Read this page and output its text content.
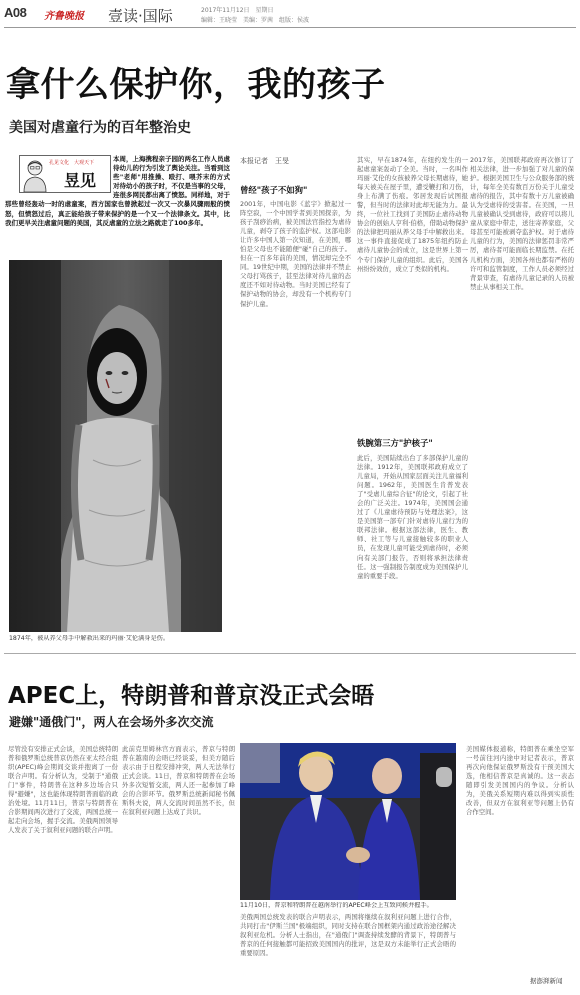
A08 齐鲁晚报 壹读·国际	2017年11月12日　星期日
编辑：王晓莹　美编：罗茜　组版：侯波
拿什么保护你，我的孩子
美国对虐童行为的百年整治史
孔见文化　大观天下
昱见
本周，上海携程亲子园的两名工作人员虐待幼儿的行为引发了舆论关注。当看到这些"老师"用推操、殴打、喂芥末的方式对待幼小的孩子时，不仅是当事的父母，连很多网民都出离了愤怒。同样地，对于那些曾经轰动一时的虐童案，西方国家也曾掀起过一次又一次暴风骤雨般的愤怒，但愤怒过后，真正能给孩子带来保护的是一个又一个法律条文。其中，比我们更早关注虐童问题的美国，其反虐童的立法之路就走了100多年。
1874年，被从养父母手中解救出来的玛丽·艾伦满身是伤。
本报记者　王旻
曾经"孩子不如狗"
2001年，中国电影《蓝宇》掀起过一阵空寂，一个中国学者到美国探亲，为孩子刮痧治病，被美国法官指控为虐待儿童，剥夺了孩子的监护权。这部电影让许多中国人第一次知道，在美国，哪怕是父母也不能随便"碰"自己的孩子。但在一百多年前的美国，情况却完全不同。19世纪中期，美国的法律并不禁止父母打骂孩子，甚至法律对待儿童的态度还不如对待动物。当时美国已经有了保护动物的协会，却没有一个机构专门保护儿童。
其实，早在1874年，在纽约发生的一起虐童案轰动了全美。当时，一名叫作玛丽·艾伦的女孩被养父母长期虐待，她每天被关在屋子里，遭受鞭打和刀伤，身上布满了伤痕。邻居发现后试图报警，但当时的法律对此却无能为力。最终，一位社工找到了美国防止虐待动物协会的创始人亨利·伯格，借助动物保护的法律把玛丽从养父母手中解救出来。这一事件直接促成了1875年纽约防止虐待儿童协会的成立，这是世界上第一个专门保护儿童的组织。此后，美国各州纷纷效仿，成立了类似的机构。
铁腕第三方"护核子"
此后，美国陆续出台了多部保护儿童的法律。1912年，美国联邦政府成立了儿童局，开始从国家层面关注儿童福利问题。1962年，美国医生肯普发表了"受虐儿童综合征"的论文，引起了社会的广泛关注。1974年，美国国会通过了《儿童虐待预防与处理法案》，这是美国第一部专门针对虐待儿童行为的联邦法律。根据这部法律，医生、教师、社工等与儿童接触较多的职业人员，在发现儿童可能受到虐待时，必须向有关部门报告，否则将承担法律责任。这一强制报告制度成为美国保护儿童的重要手段。
2017年，美国联邦政府再次修订了相关法律，进一步加强了对儿童的保护。根据美国卫生与公众服务部的统计，每年全美有数百万份关于儿童受虐待的报告，其中有数十万儿童被确认为受虐待的受害者。在美国，一旦儿童被确认受到虐待，政府可以将儿童从家庭中带走，送往寄养家庭，父母甚至可能被剥夺监护权。对于虐待儿童的行为，美国的法律惩罚非常严厉，虐待者可能面临长期监禁。在托儿机构方面，美国各州也都有严格的许可和监管制度，工作人员必须经过背景审查，有虐待儿童记录的人员被禁止从事相关工作。
APEC上，特朗普和普京没正式会晤
避嫌"通俄门"，两人在会场外多次交流
尽管没有安排正式会谈，美国总统特朗普和俄罗斯总统普京仍然在亚太经合组织(APEC)峰会期间交谈并抱离了一份联合声明。有分析认为，受制于"通俄门"事件，特朗普在这种多边场合只得"避嫌"，这也能体现特朗普面临的政治处境。11月11日，普京与特朗普在合影期间两次进行了交流，两国总统一起走向会场，握手交流。美俄两国领导人发表了关于叙利亚问题的联合声明。
此前克里姆林宫方面表示，普京与特朗普在越南的会晤已经谈妥，但美方随后表示由于日程安排冲突，两人无法举行正式会谈。11日，普京和特朗普在会场外多次短暂交流，两人还一起参加了峰会的合影环节。俄罗斯总统新闻秘书佩斯科夫说，两人交流时间虽然不长，但在叙利亚问题上达成了共识。
11月10日，普京和特朗普在越南举行的APEC峰会上互致问候并握手。
美俄两国总统发表的联合声明表示，两国将继续在叙利亚问题上进行合作，共同打击"伊斯兰国"极端组织，同时支持在联合国框架内通过政治途径解决叙利亚危机。分析人士指出，在"通俄门"调查持续发酵的背景下，特朗普与普京的任何接触都可能招致美国国内的批评，这是双方未能举行正式会晤的重要原因。
美国媒体报道称，特朗普在乘坐空军一号前往河内途中对记者表示，普京再次向他保证俄罗斯没有干预美国大选，他相信普京是真诚的。这一表态随即引发美国国内的争议。分析认为，美俄关系短期内难以得到实质性改善，但双方在叙利亚等问题上仍有合作空间。
据澎湃新闻
